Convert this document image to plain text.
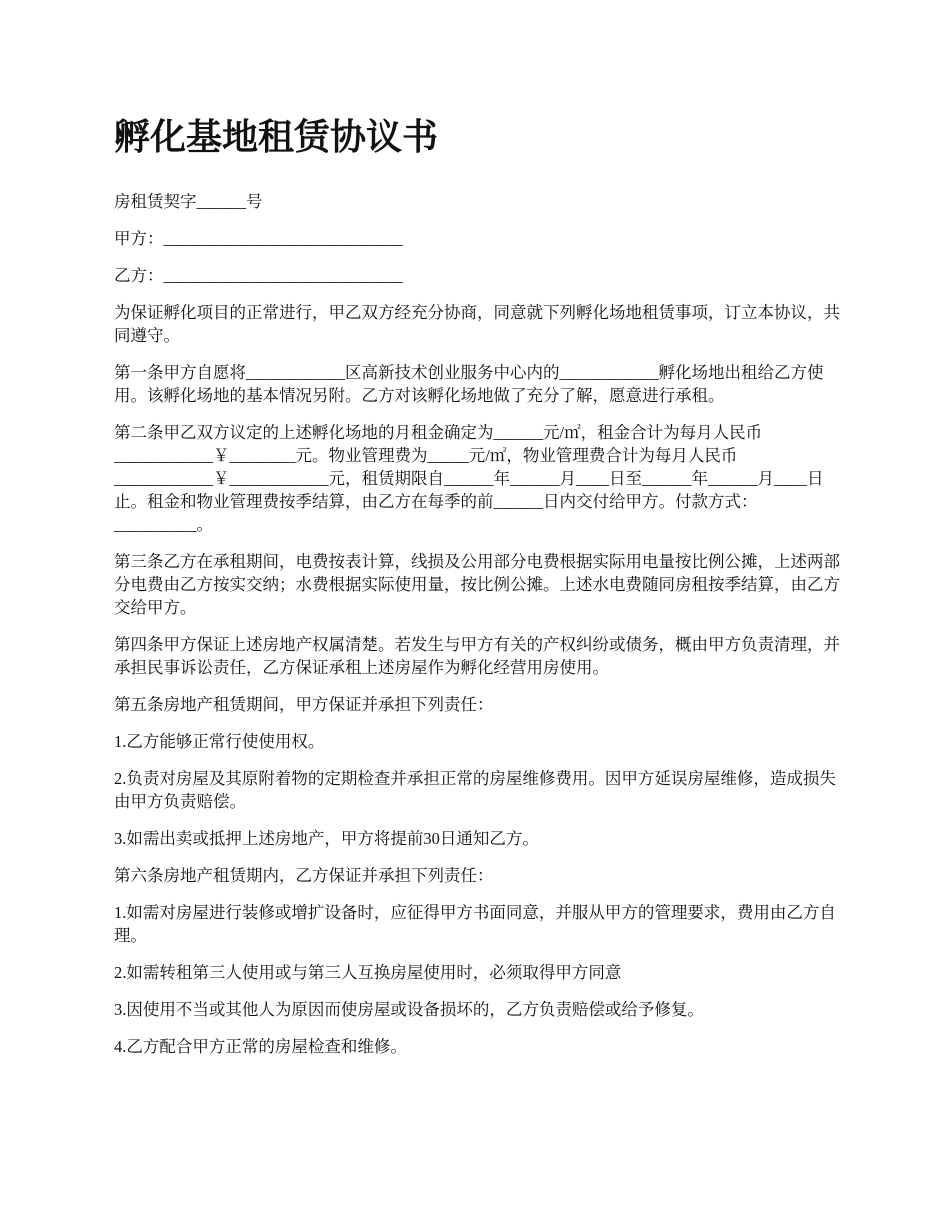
孵化基地租赁协议书

房租赁契字______号

甲方：_____________________________

乙方：_____________________________

为保证孵化项目的正常进行，甲乙双方经充分协商，同意就下列孵化场地租赁事项，订立本协议，共同遵守。

第一条甲方自愿将____________区高新技术创业服务中心内的____________孵化场地出租给乙方使用。该孵化场地的基本情况另附。乙方对该孵化场地做了充分了解，愿意进行承租。

第二条甲乙双方议定的上述孵化场地的月租金确定为______元/㎡，租金合计为每月人民币____________￥________元。物业管理费为_____元/㎡，物业管理费合计为每月人民币____________￥____________元，租赁期限自______年______月____日至______年______月____日止。租金和物业管理费按季结算，由乙方在每季的前______日内交付给甲方。付款方式：__________。

第三条乙方在承租期间，电费按表计算，线损及公用部分电费根据实际用电量按比例公摊，上述两部分电费由乙方按实交纳；水费根据实际使用量，按比例公摊。上述水电费随同房租按季结算，由乙方交给甲方。

第四条甲方保证上述房地产权属清楚。若发生与甲方有关的产权纠纷或债务，概由甲方负责清理，并承担民事诉讼责任，乙方保证承租上述房屋作为孵化经营用房使用。

第五条房地产租赁期间，甲方保证并承担下列责任：

1.乙方能够正常行使使用权。

2.负责对房屋及其原附着物的定期检查并承担正常的房屋维修费用。因甲方延误房屋维修，造成损失由甲方负责赔偿。

3.如需出卖或抵押上述房地产，甲方将提前30日通知乙方。

第六条房地产租赁期内，乙方保证并承担下列责任：

1.如需对房屋进行装修或增扩设备时，应征得甲方书面同意，并服从甲方的管理要求，费用由乙方自理。

2.如需转租第三人使用或与第三人互换房屋使用时，必须取得甲方同意

3.因使用不当或其他人为原因而使房屋或设备损坏的，乙方负责赔偿或给予修复。

4.乙方配合甲方正常的房屋检查和维修。
